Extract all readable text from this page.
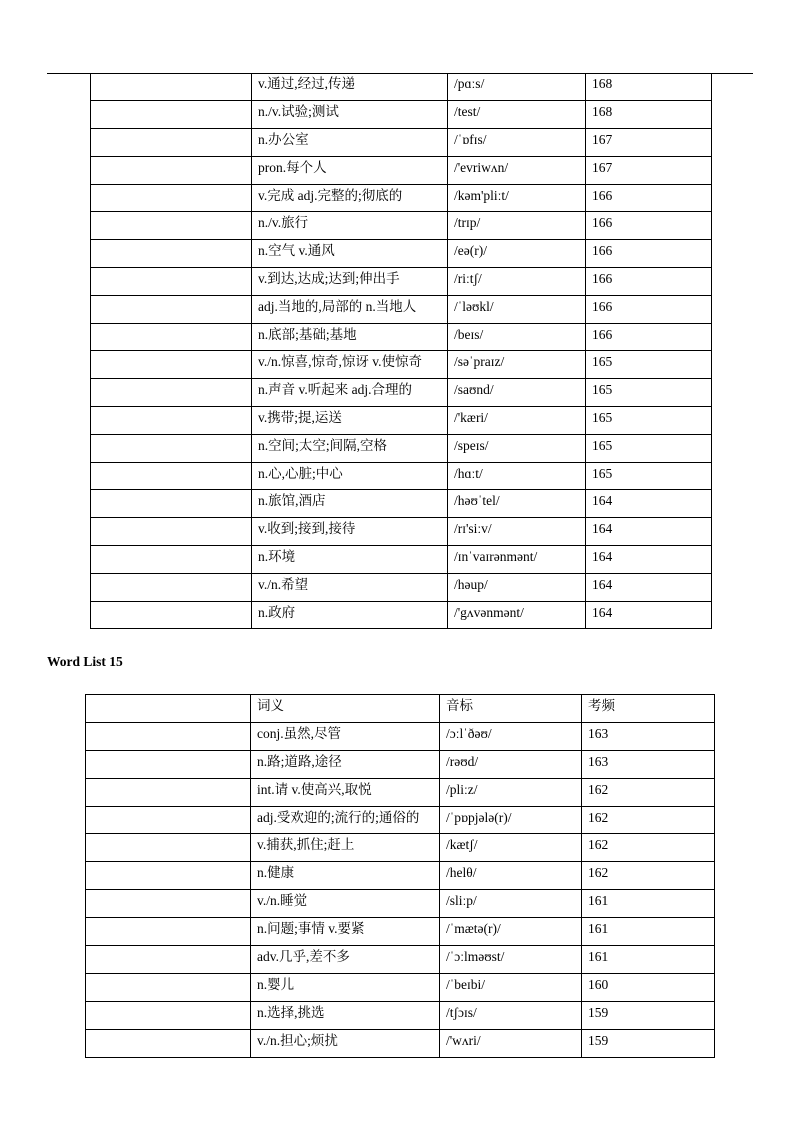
	v.通过,经过,传递	/pɑːs/	168
	n./v.试验;测试	/test/	168
	n.办公室	/ˈɒfɪs/	167
	pron.每个人	/'evriwʌn/	167
	v.完成 adj.完整的;彻底的	/kəm'pliːt/	166
	n./v.旅行	/trɪp/	166
	n.空气 v.通风	/eə(r)/	166
	v.到达,达成;达到;伸出手	/riːtʃ/	166
	adj.当地的,局部的 n.当地人	/ˈləʊkl/	166
	n.底部;基础;基地	/beɪs/	166
	v./n.惊喜,惊奇,惊讶 v.使惊奇	/səˈpraɪz/	165
	n.声音 v.听起来 adj.合理的	/saʊnd/	165
	v.携带;提,运送	/'kæri/	165
	n.空间;太空;间隔,空格	/speɪs/	165
	n.心,心脏;中心	/hɑːt/	165
	n.旅馆,酒店	/həʊˈtel/	164
	v.收到;接到,接待	/rɪ'siːv/	164
	n.环境	/ɪnˈvaɪrənmənt/	164
	v./n.希望	/həup/	164
	n.政府	/'gʌvənmənt/	164
Word List 15
	词义	音标	考频
	conj.虽然,尽管	/ɔːlˈðəʊ/	163
	n.路;道路,途径	/rəʊd/	163
	int.请 v.使高兴,取悦	/pliːz/	162
	adj.受欢迎的;流行的;通俗的	/ˈpɒpjələ(r)/	162
	v.捕获,抓住;赶上	/kætʃ/	162
	n.健康	/helθ/	162
	v./n.睡觉	/sliːp/	161
	n.问题;事情 v.要紧	/ˈmætə(r)/	161
	adv.几乎,差不多	/ˈɔːlməʊst/	161
	n.婴儿	/ˈbeɪbi/	160
	n.选择,挑选	/tʃɔɪs/	159
	v./n.担心;烦扰	/'wʌri/	159
